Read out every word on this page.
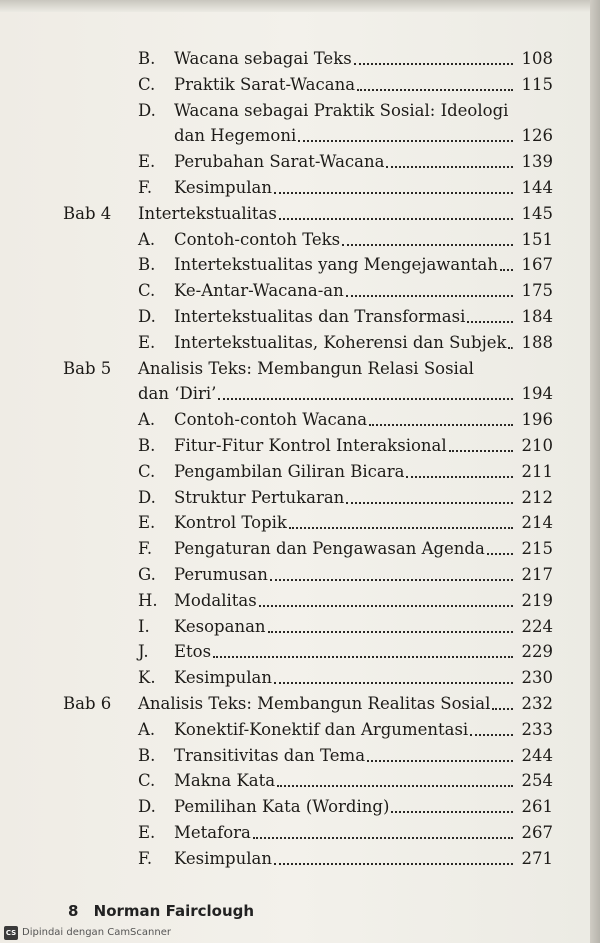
B.	Wacana sebagai Teks	108
C.	Praktik Sarat-Wacana	115
D.	Wacana sebagai Praktik Sosial: Ideologi
dan Hegemoni	126
E.	Perubahan Sarat-Wacana	139
F.	Kesimpulan	144
Bab 4 Intertekstualitas	145
A.	Contoh-contoh Teks	151
B.	Intertekstualitas yang Mengejawantah 167
C.	Ke-Antar-Wacana-an	175
D.	Intertekstualitas dan Transformasi	184
E.	Intertekstualitas, Koherensi dan Subjek 188
Bab 5 Analisis Teks: Membangun Relasi Sosial
dan ‘Diri’	194
A.	Contoh-contoh Wacana	196
B.	Fitur-Fitur Kontrol Interaksional	210
C.	Pengambilan Giliran Bicara	211
D.	Struktur Pertukaran	212
E.	Kontrol Topik	214
F.	Pengaturan dan Pengawasan Agenda 215
G.	Perumusan	217
H. Modalitas	219
I.	Kesopanan	224
J.	Etos	229
K.	Kesimpulan	230
Bab 6 Analisis Teks: Membangun Realitas Sosial 232
A.	Konektif-Konektif dan Argumentasi	233
B.	Transitivitas dan Tema	244
C.	Makna Kata	254
D.	Pemilihan Kata (Wording)	261
E.	Metafora	267
F.	Kesimpulan	271
8 Norman Fairclough
CS Dipindai dengan CamScanner
